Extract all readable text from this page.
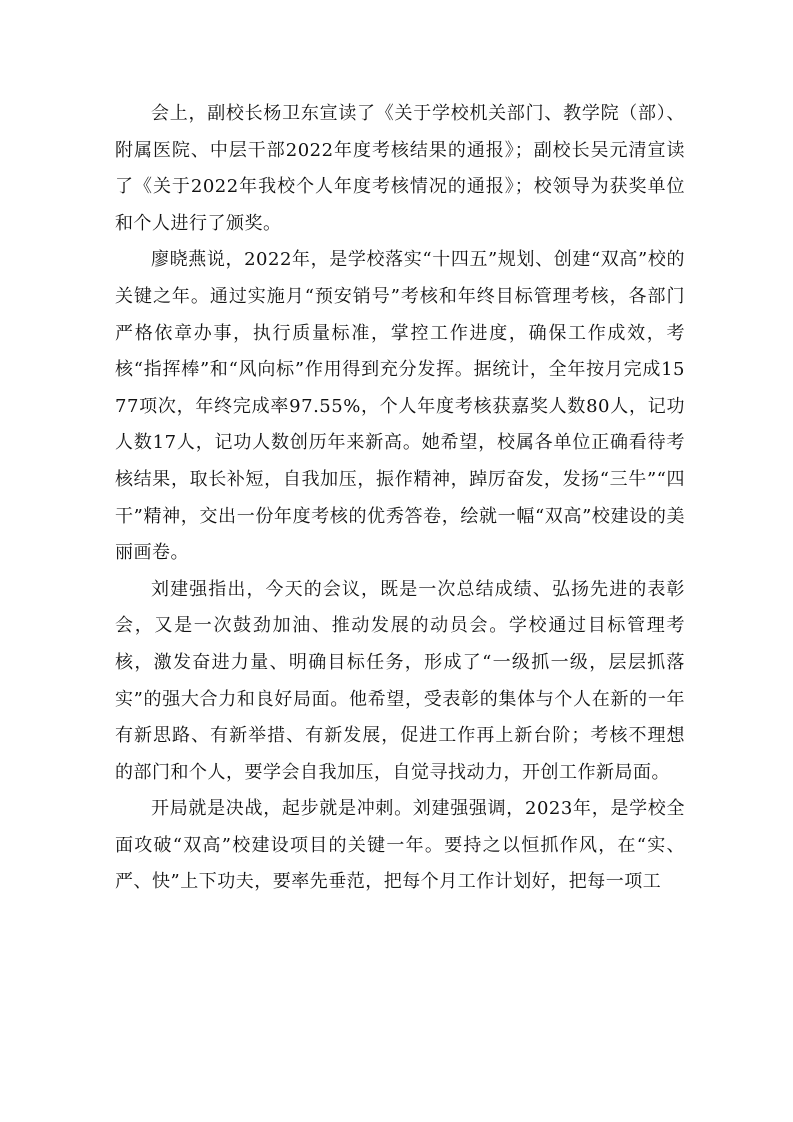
会上，副校长杨卫东宣读了《关于学校机关部门、教学院（部）、附属医院、中层干部2022年度考核结果的通报》；副校长吴元清宣读了《关于2022年我校个人年度考核情况的通报》；校领导为获奖单位和个人进行了颁奖。

廖晓燕说，2022年，是学校落实“十四五”规划、创建“双高”校的关键之年。通过实施月“预安销号”考核和年终目标管理考核，各部门严格依章办事，执行质量标准，掌控工作进度，确保工作成效，考核“指挥棒”和“风向标”作用得到充分发挥。据统计，全年按月完成1577项次，年终完成率97.55%，个人年度考核获嘉奖人数80人，记功人数17人，记功人数创历年来新高。她希望，校属各单位正确看待考核结果，取长补短，自我加压，振作精神，踔厉奋发，发扬“三牛”“四干”精神，交出一份年度考核的优秀答卷，绘就一幅“双高”校建设的美丽画卷。

刘建强指出，今天的会议，既是一次总结成绩、弘扬先进的表彰会，又是一次鼓劲加油、推动发展的动员会。学校通过目标管理考核，激发奋进力量、明确目标任务，形成了“一级抓一级，层层抓落实”的强大合力和良好局面。他希望，受表彰的集体与个人在新的一年有新思路、有新举措、有新发展，促进工作再上新台阶；考核不理想的部门和个人，要学会自我加压，自觉寻找动力，开创工作新局面。

开局就是决战，起步就是冲刺。刘建强强调，2023年，是学校全面攻破“双高”校建设项目的关键一年。要持之以恒抓作风，在“实、严、快”上下功夫，要率先垂范，把每个月工作计划好，把每一项工
